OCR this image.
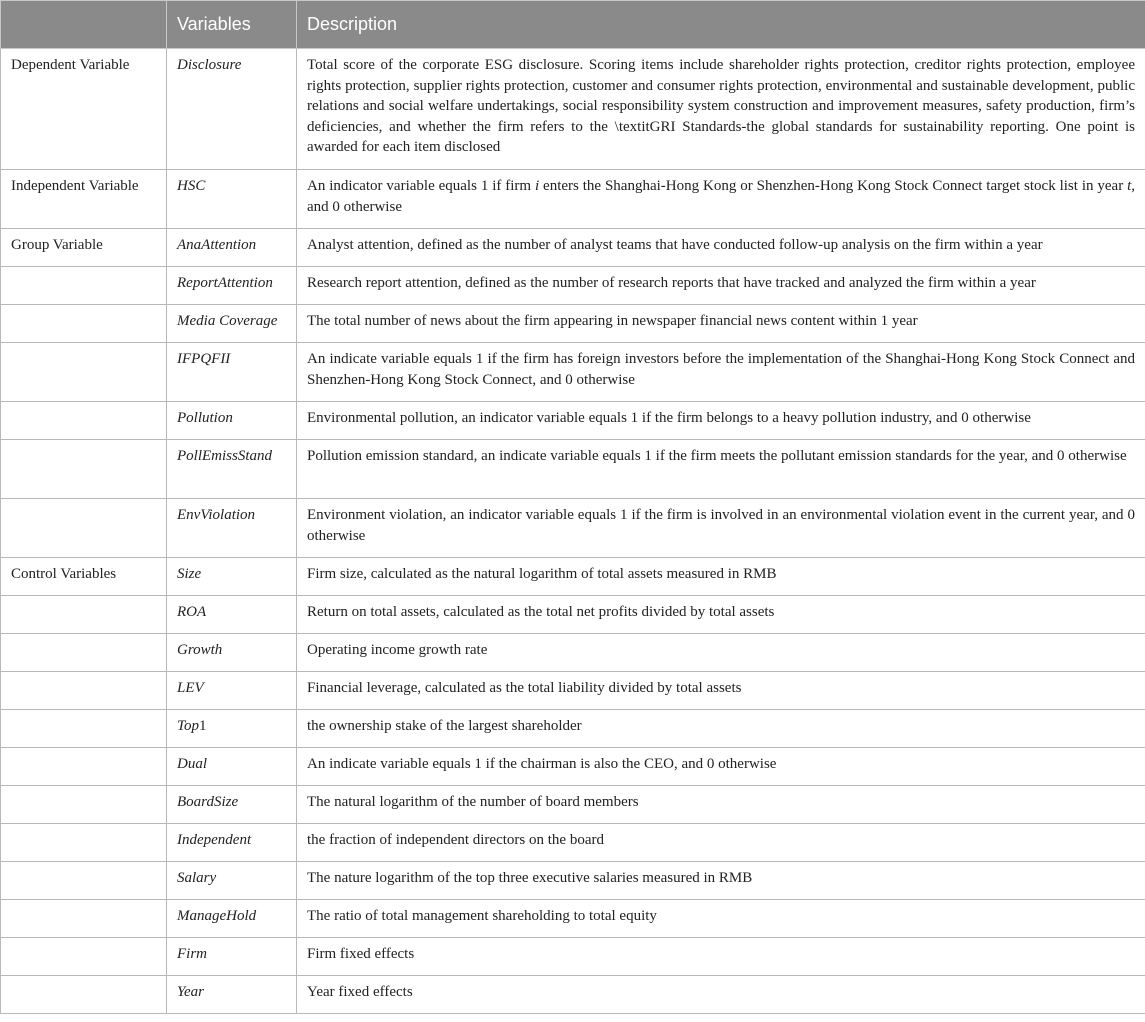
	Variables	Description
Dependent Variable	Disclosure	Total score of the corporate ESG disclosure. Scoring items include shareholder rights protection, creditor rights protection, employee rights protection, supplier rights protection, customer and consumer rights protection, environmental and sustainable development, public relations and social welfare undertakings, social responsibility system construction and improvement measures, safety production, firm’s deficiencies, and whether the firm refers to the \textitGRI Standards-the global standards for sustainability reporting. One point is awarded for each item disclosed
Independent Variable	HSC	An indicator variable equals 1 if firm i enters the Shanghai-Hong Kong or Shenzhen-Hong Kong Stock Connect target stock list in year t, and 0 otherwise
Group Variable	AnaAttention	Analyst attention, defined as the number of analyst teams that have conducted follow-up analysis on the firm within a year
	ReportAttention	Research report attention, defined as the number of research reports that have tracked and analyzed the firm within a year
	Media Coverage	The total number of news about the firm appearing in newspaper financial news content within 1 year
	IFPQFII	An indicate variable equals 1 if the firm has foreign investors before the implementation of the Shanghai-Hong Kong Stock Connect and Shenzhen-Hong Kong Stock Connect, and 0 otherwise
	Pollution	Environmental pollution, an indicator variable equals 1 if the firm belongs to a heavy pollution industry, and 0 otherwise
	PollEmissStand	Pollution emission standard, an indicate variable equals 1 if the firm meets the pollutant emission standards for the year, and 0 otherwise
	EnvViolation	Environment violation, an indicator variable equals 1 if the firm is involved in an environmental violation event in the current year, and 0 otherwise
Control Variables	Size	Firm size, calculated as the natural logarithm of total assets measured in RMB
	ROA	Return on total assets, calculated as the total net profits divided by total assets
	Growth	Operating income growth rate
	LEV	Financial leverage, calculated as the total liability divided by total assets
	Top1	the ownership stake of the largest shareholder
	Dual	An indicate variable equals 1 if the chairman is also the CEO, and 0 otherwise
	BoardSize	The natural logarithm of the number of board members
	Independent	the fraction of independent directors on the board
	Salary	The nature logarithm of the top three executive salaries measured in RMB
	ManageHold	The ratio of total management shareholding to total equity
	Firm	Firm fixed effects
	Year	Year fixed effects
